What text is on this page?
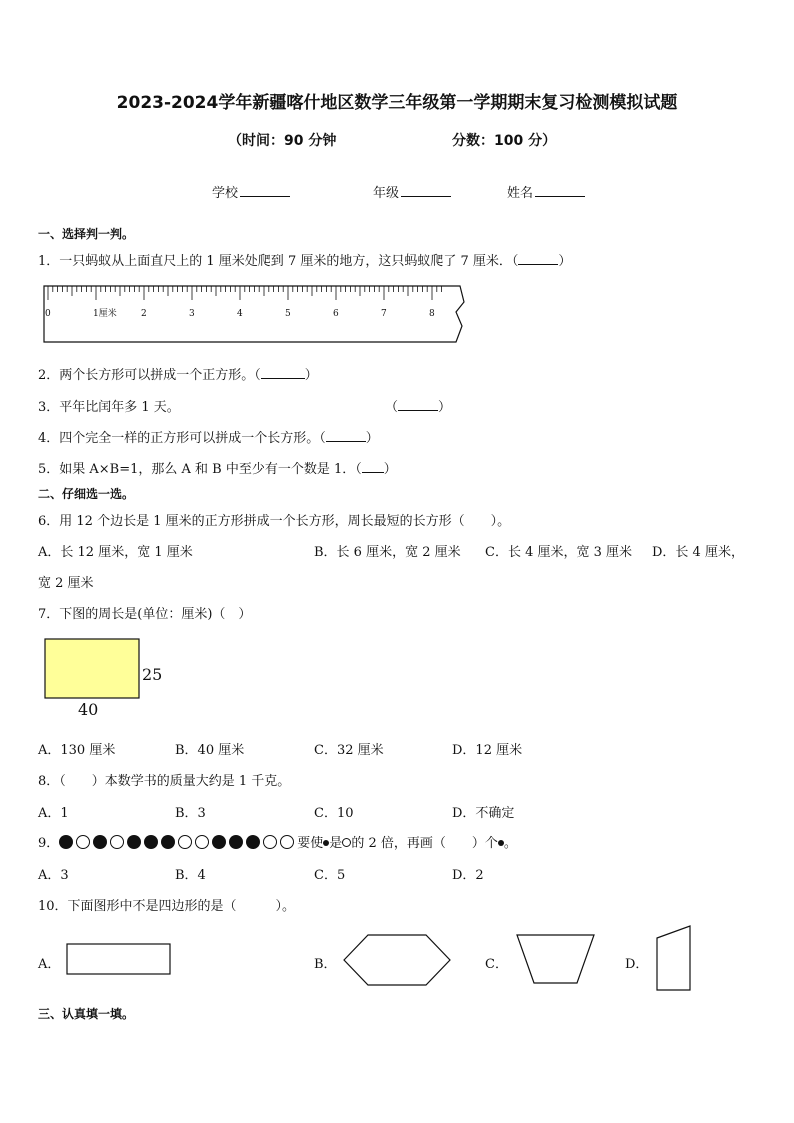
2023-2024学年新疆喀什地区数学三年级第一学期期末复习检测模拟试题
（时间：90 分钟	分数：100 分）
学校	年级	姓名
一、选择判一判。
1．一只蚂蚁从上面直尺上的 1 厘米处爬到 7 厘米的地方，这只蚂蚁爬了 7 厘米．（	）
0	1厘米	2	3	4	5	6	7	8
2．两个长方形可以拼成一个正方形。（	）
3．平年比闰年多 1 天。	（	）
4．四个完全一样的正方形可以拼成一个长方形。（	）
5．如果 A×B=1，那么 A 和 B 中至少有一个数是 1．（ ）
二、仔细选一选。
6．用 12 个边长是 1 厘米的正方形拼成一个长方形，周长最短的长方形（　　）。
A．长 12 厘米，宽 1 厘米	B．长 6 厘米，宽 2 厘米 C．长 4 厘米，宽 3 厘米 D．长 4 厘米，
宽 2 厘米
7．下图的周长是(单位：厘米)（　）
25
40
A．130 厘米	B．40 厘米	C．32 厘米	D．12 厘米
8．（　　）本数学书的质量大约是 1 千克。
A．1	B．3	C．10	D．不确定
9．	要使 是 的 2 倍，再画（　　）个 。
A．3	B．4	C．5	D．2
10．下面图形中不是四边形的是（　　　）。
A．	B．	C．	D．
三、认真填一填。
